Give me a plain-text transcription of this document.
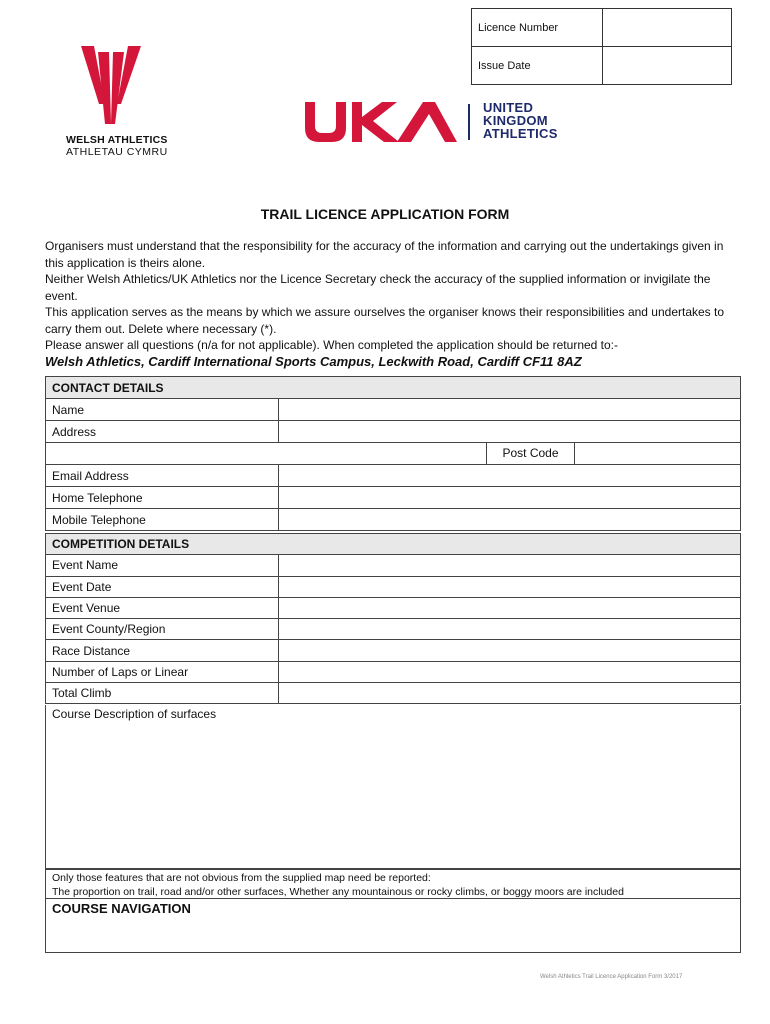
Licence Number	
Issue Date	
WELSH ATHLETICS
ATHLETAU CYMRU
UNITED
KINGDOM
ATHLETICS
TRAIL LICENCE APPLICATION FORM

Organisers must understand that the responsibility for the accuracy of the information and carrying out the undertakings given in this application is theirs alone.

Neither Welsh Athletics/UK Athletics nor the Licence Secretary check the accuracy of the supplied information or invigilate the event.

This application serves as the means by which we assure ourselves the organiser knows their responsibilities and undertakes to carry them out. Delete where necessary (*).

Please answer all questions (n/a for not applicable). When completed the application should be returned to:-

Welsh Athletics, Cardiff International Sports Campus, Leckwith Road, Cardiff CF11 8AZ

CONTACT DETAILS		
Name		
Address		
Post Code		
Email Address		
Home Telephone		
Mobile Telephone		
COMPETITION DETAILS	
Event Name	
Event Date	
Event Venue	
Event County/Region	
Race Distance	
Number of Laps or Linear	
Total Climb	
Course Description of surfaces
Only those features that are not obvious from the supplied map need be reported:
The proportion on trail, road and/or other surfaces, Whether any mountainous or rocky climbs, or boggy moors are included
COURSE NAVIGATION
Welsh Athletics Trail Licence Application Form 3/2017
